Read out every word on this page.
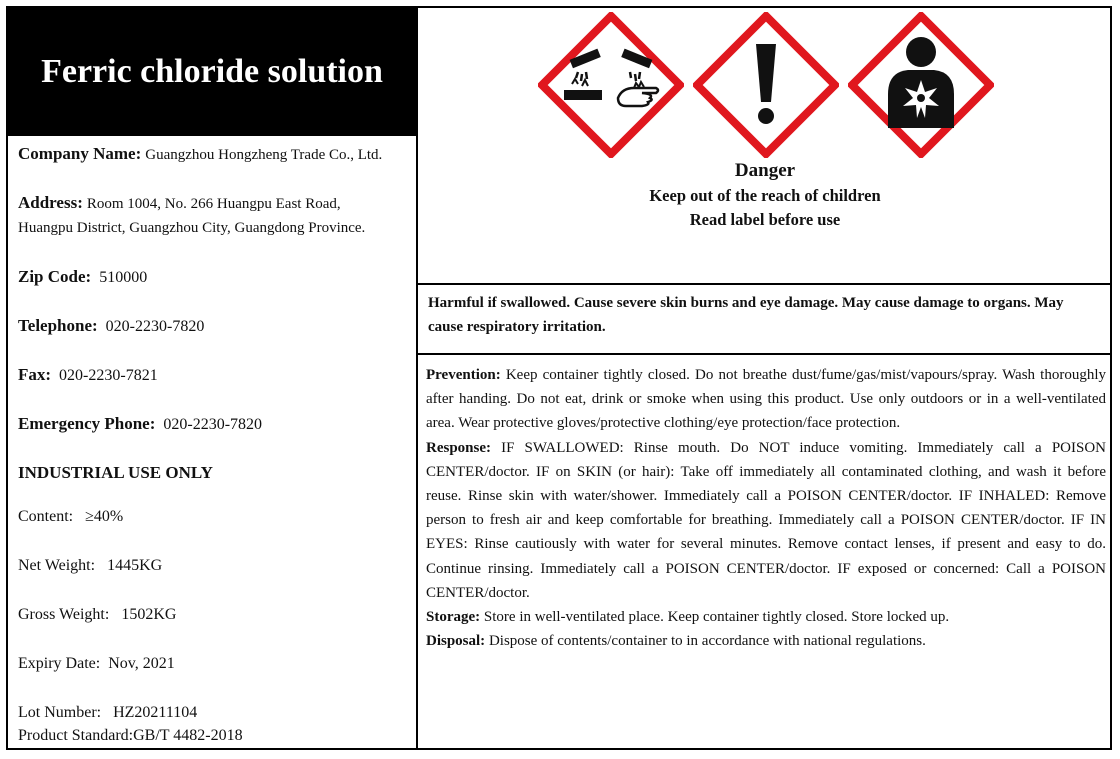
Ferric chloride solution
Company Name: Guangzhou Hongzheng Trade Co., Ltd.
Address: Room 1004, No. 266 Huangpu East Road,
Huangpu District, Guangzhou City, Guangdong Province.
Zip Code: 510000
Telephone: 020-2230-7820
Fax: 020-2230-7821
Emergency Phone: 020-2230-7820
INDUSTRIAL USE ONLY
Content: ≥40%
Net Weight: 1445KG
Gross Weight: 1502KG
Expiry Date: Nov, 2021
Lot Number: HZ20211104
Product Standard:GB/T 4482-2018
Danger
Keep out of the reach of children
Read label before use
Harmful if swallowed. Cause severe skin burns and eye damage. May cause damage to organs. May cause respiratory irritation.
Prevention: Keep container tightly closed. Do not breathe dust/fume/gas/mist/vapours/spray. Wash thoroughly after handing. Do not eat, drink or smoke when using this product. Use only outdoors or in a well-ventilated area. Wear protective gloves/protective clothing/eye protection/face protection.
Response: IF SWALLOWED: Rinse mouth. Do NOT induce vomiting. Immediately call a POISON CENTER/doctor. IF on SKIN (or hair): Take off immediately all contaminated clothing, and wash it before reuse. Rinse skin with water/shower. Immediately call a POISON CENTER/doctor. IF INHALED: Remove person to fresh air and keep comfortable for breathing. Immediately call a POISON CENTER/doctor. IF IN EYES: Rinse cautiously with water for several minutes. Remove contact lenses, if present and easy to do. Continue rinsing. Immediately call a POISON CENTER/doctor. IF exposed or concerned: Call a POISON CENTER/doctor.
Storage: Store in well-ventilated place. Keep container tightly closed. Store locked up.
Disposal: Dispose of contents/container to in accordance with national regulations.
